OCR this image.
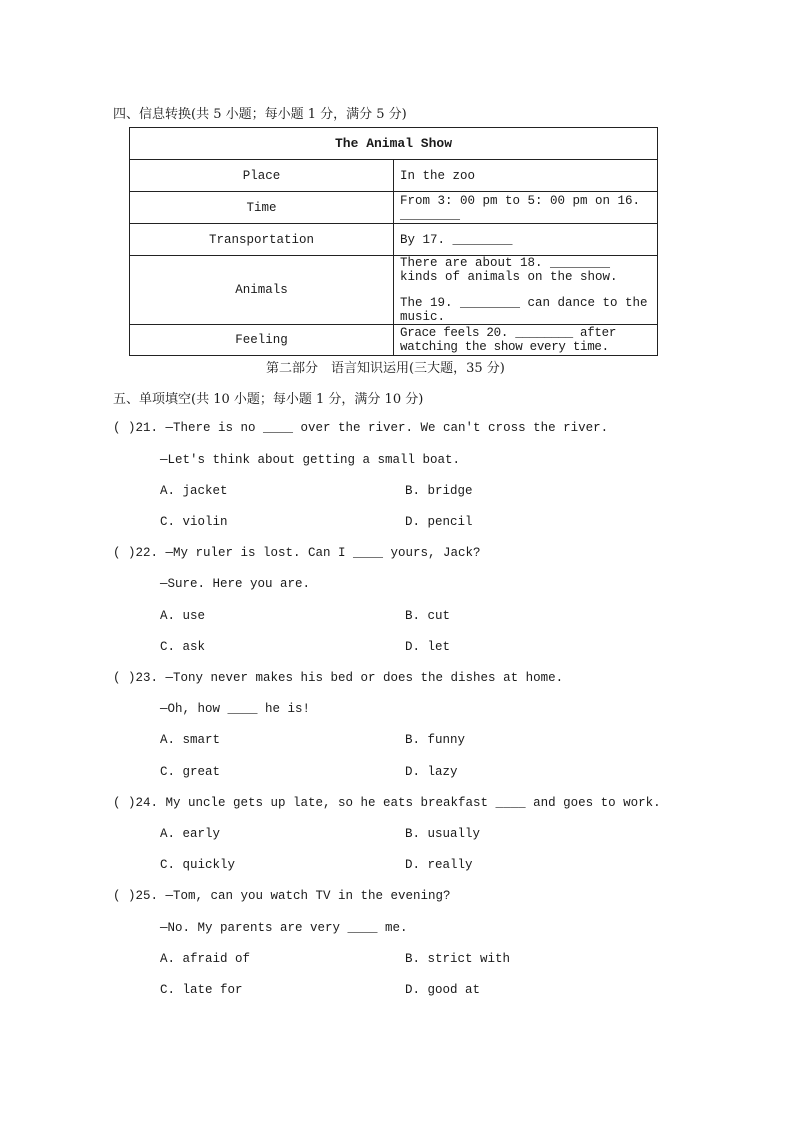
四、信息转换(共 5 小题；每小题 1 分，满分 5 分)
The Animal Show	
Place	In the zoo
Time	From 3: 00 pm to 5: 00 pm on 16. ________
Transportation	By 17. ________
Animals	There are about 18. ________ kinds of animals on the show.
The 19. ________ can dance to the music.

Feeling	Grace feels 20. ________ after watching the show every time.
第二部分　语言知识运用(三大题，35 分)
五、单项填空(共 10 小题；每小题 1 分，满分 10 分)
( )21. —There is no ____ over the river. We can't cross the river.
—Let's think about getting a small boat.
A. jacket	B. bridge
C. violin	D. pencil
( )22. —My ruler is lost. Can I ____ yours, Jack?
—Sure. Here you are.
A. use	B. cut
C. ask	D. let
( )23. —Tony never makes his bed or does the dishes at home.
—Oh, how ____ he is!
A. smart	B. funny
C. great	D. lazy
( )24. My uncle gets up late, so he eats breakfast ____ and goes to work.
A. early	B. usually
C. quickly	D. really
( )25. —Tom, can you watch TV in the evening?
—No. My parents are very ____ me.
A. afraid of	B. strict with
C. late for	D. good at
